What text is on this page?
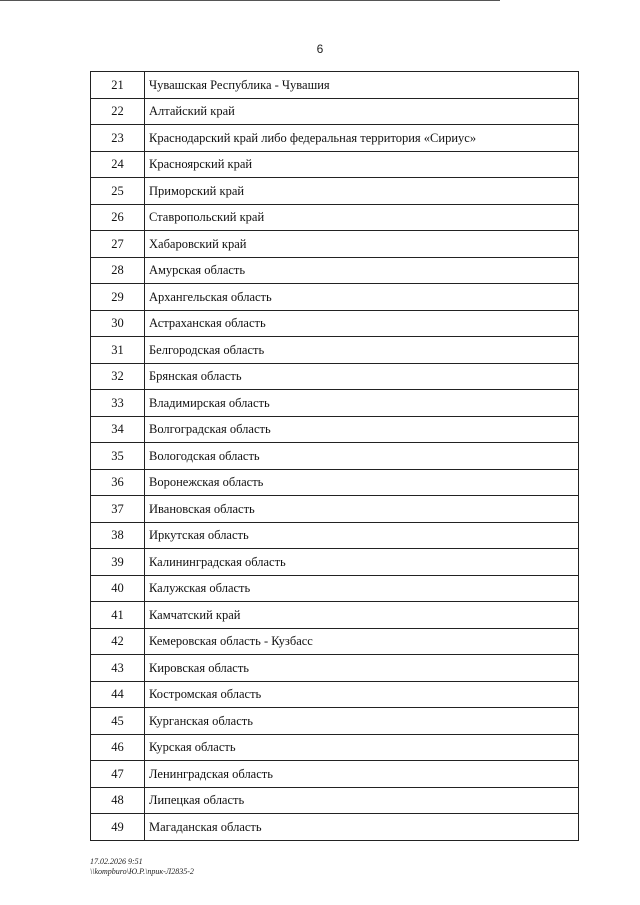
6
21	Чувашская Республика - Чувашия
22	Алтайский край
23	Краснодарский край либо федеральная территория «Сириус»
24	Красноярский край
25	Приморский край
26	Ставропольский край
27	Хабаровский край
28	Амурская область
29	Архангельская область
30	Астраханская область
31	Белгородская область
32	Брянская область
33	Владимирская область
34	Волгоградская область
35	Вологодская область
36	Воронежская область
37	Ивановская область
38	Иркутская область
39	Калининградская область
40	Калужская область
41	Камчатский край
42	Кемеровская область - Кузбасс
43	Кировская область
44	Костромская область
45	Курганская область
46	Курская область
47	Ленинградская область
48	Липецкая область
49	Магаданская область
17.02.2026 9:51
\\kompburo\Ю.Р.\прик-Л2835-2
